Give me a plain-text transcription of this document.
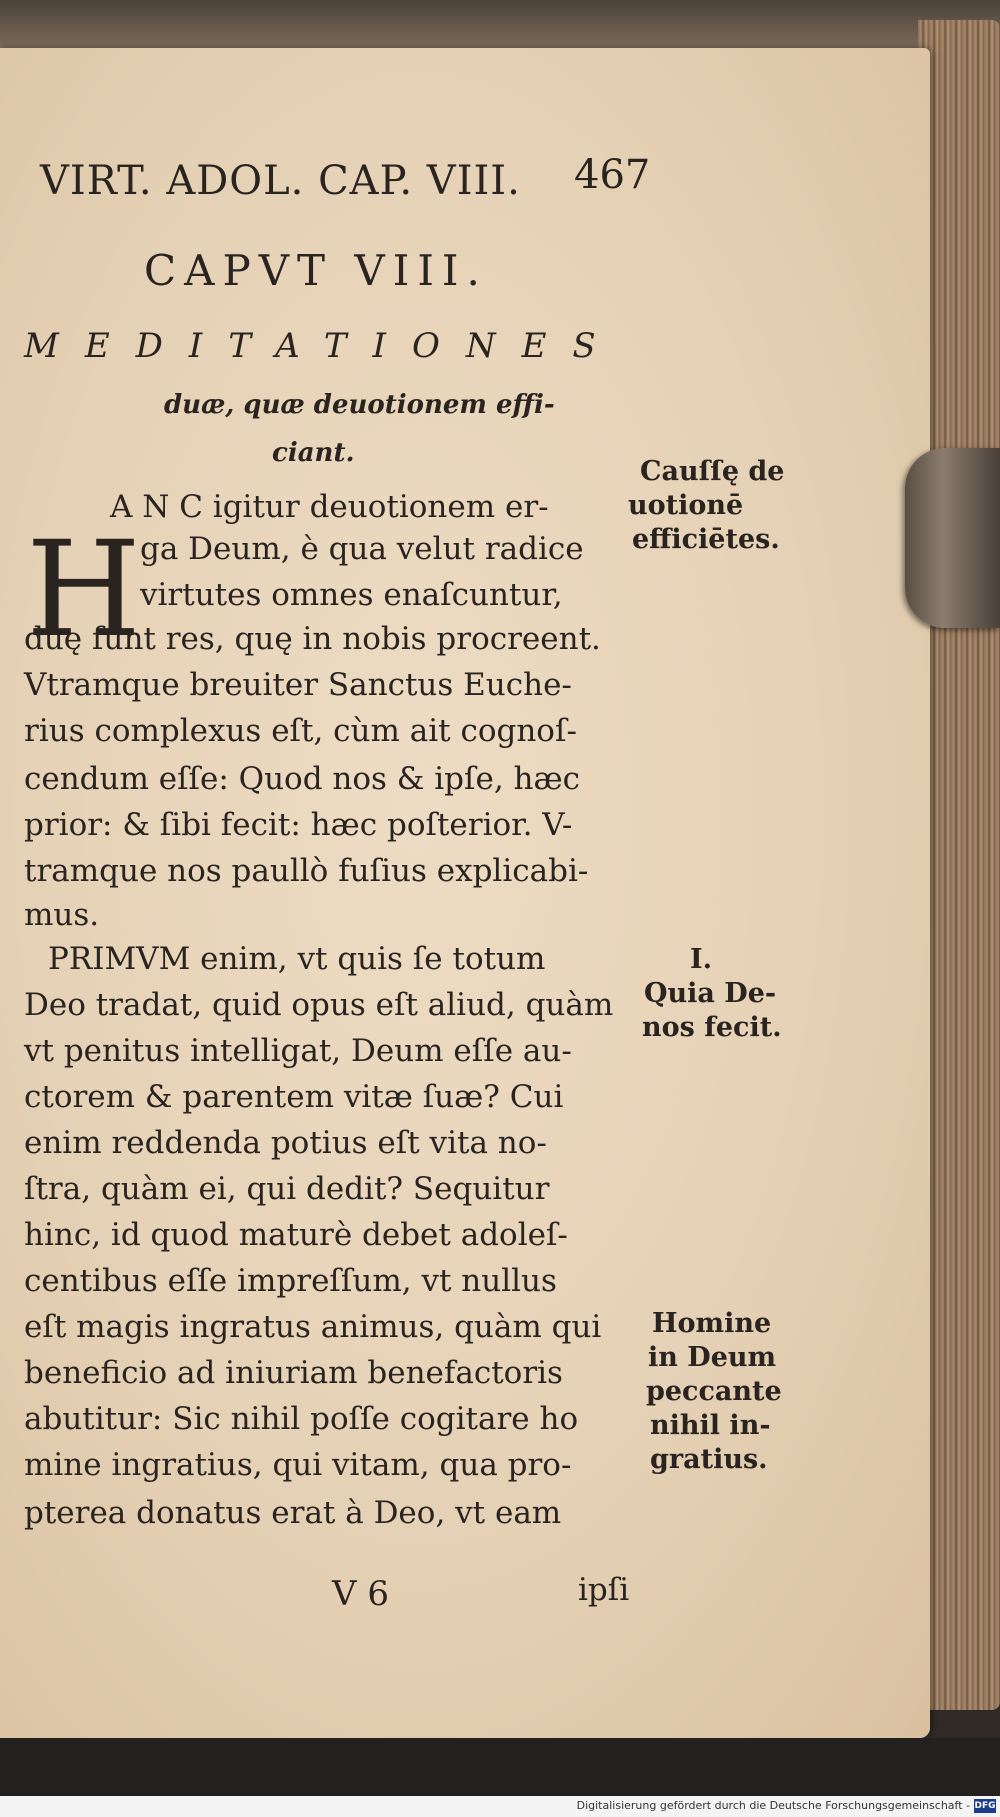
VIRT. ADOL. CAP. VIII.	467
CAPVT VIII.
MEDITATIONES
duæ, quæ deuotionem effi-
ciant.
H
A N C igitur deuotionem er-
ga Deum, è qua velut radice
virtutes omnes enaſcuntur,
duę ſunt res, quę in nobis procreent.
Vtramque breuiter Sanctus Euche-
rius complexus eſt, cùm ait cognoſ-
cendum eſſe: Quod nos & ipſe, hæc
prior: & ſibi fecit: hæc poſterior. V-
tramque nos paullò fuſius explicabi-
mus.
PRIMVM enim, vt quis ſe totum
Deo tradat, quid opus eſt aliud, quàm
vt penitus intelligat, Deum eſſe au-
ctorem & parentem vitæ ſuæ? Cui
enim reddenda potius eſt vita no-
ſtra, quàm ei, qui dedit? Sequitur
hinc, id quod maturè debet adoleſ-
centibus eſſe impreſſum, vt nullus
eſt magis ingratus animus, quàm qui
beneficio ad iniuriam benefactoris
abutitur: Sic nihil poſſe cogitare ho
mine ingratius, qui vitam, qua pro-
pterea donatus erat à Deo, vt eam
Cauſſę de
uotionē
efficiētes.
I.
Quia De-
nos fecit.
Homine
in Deum
peccante
nihil in-
gratius.
V 6	ipſi
Digitalisierung gefördert durch die Deutsche Forschungsgemeinschaft - DFG
